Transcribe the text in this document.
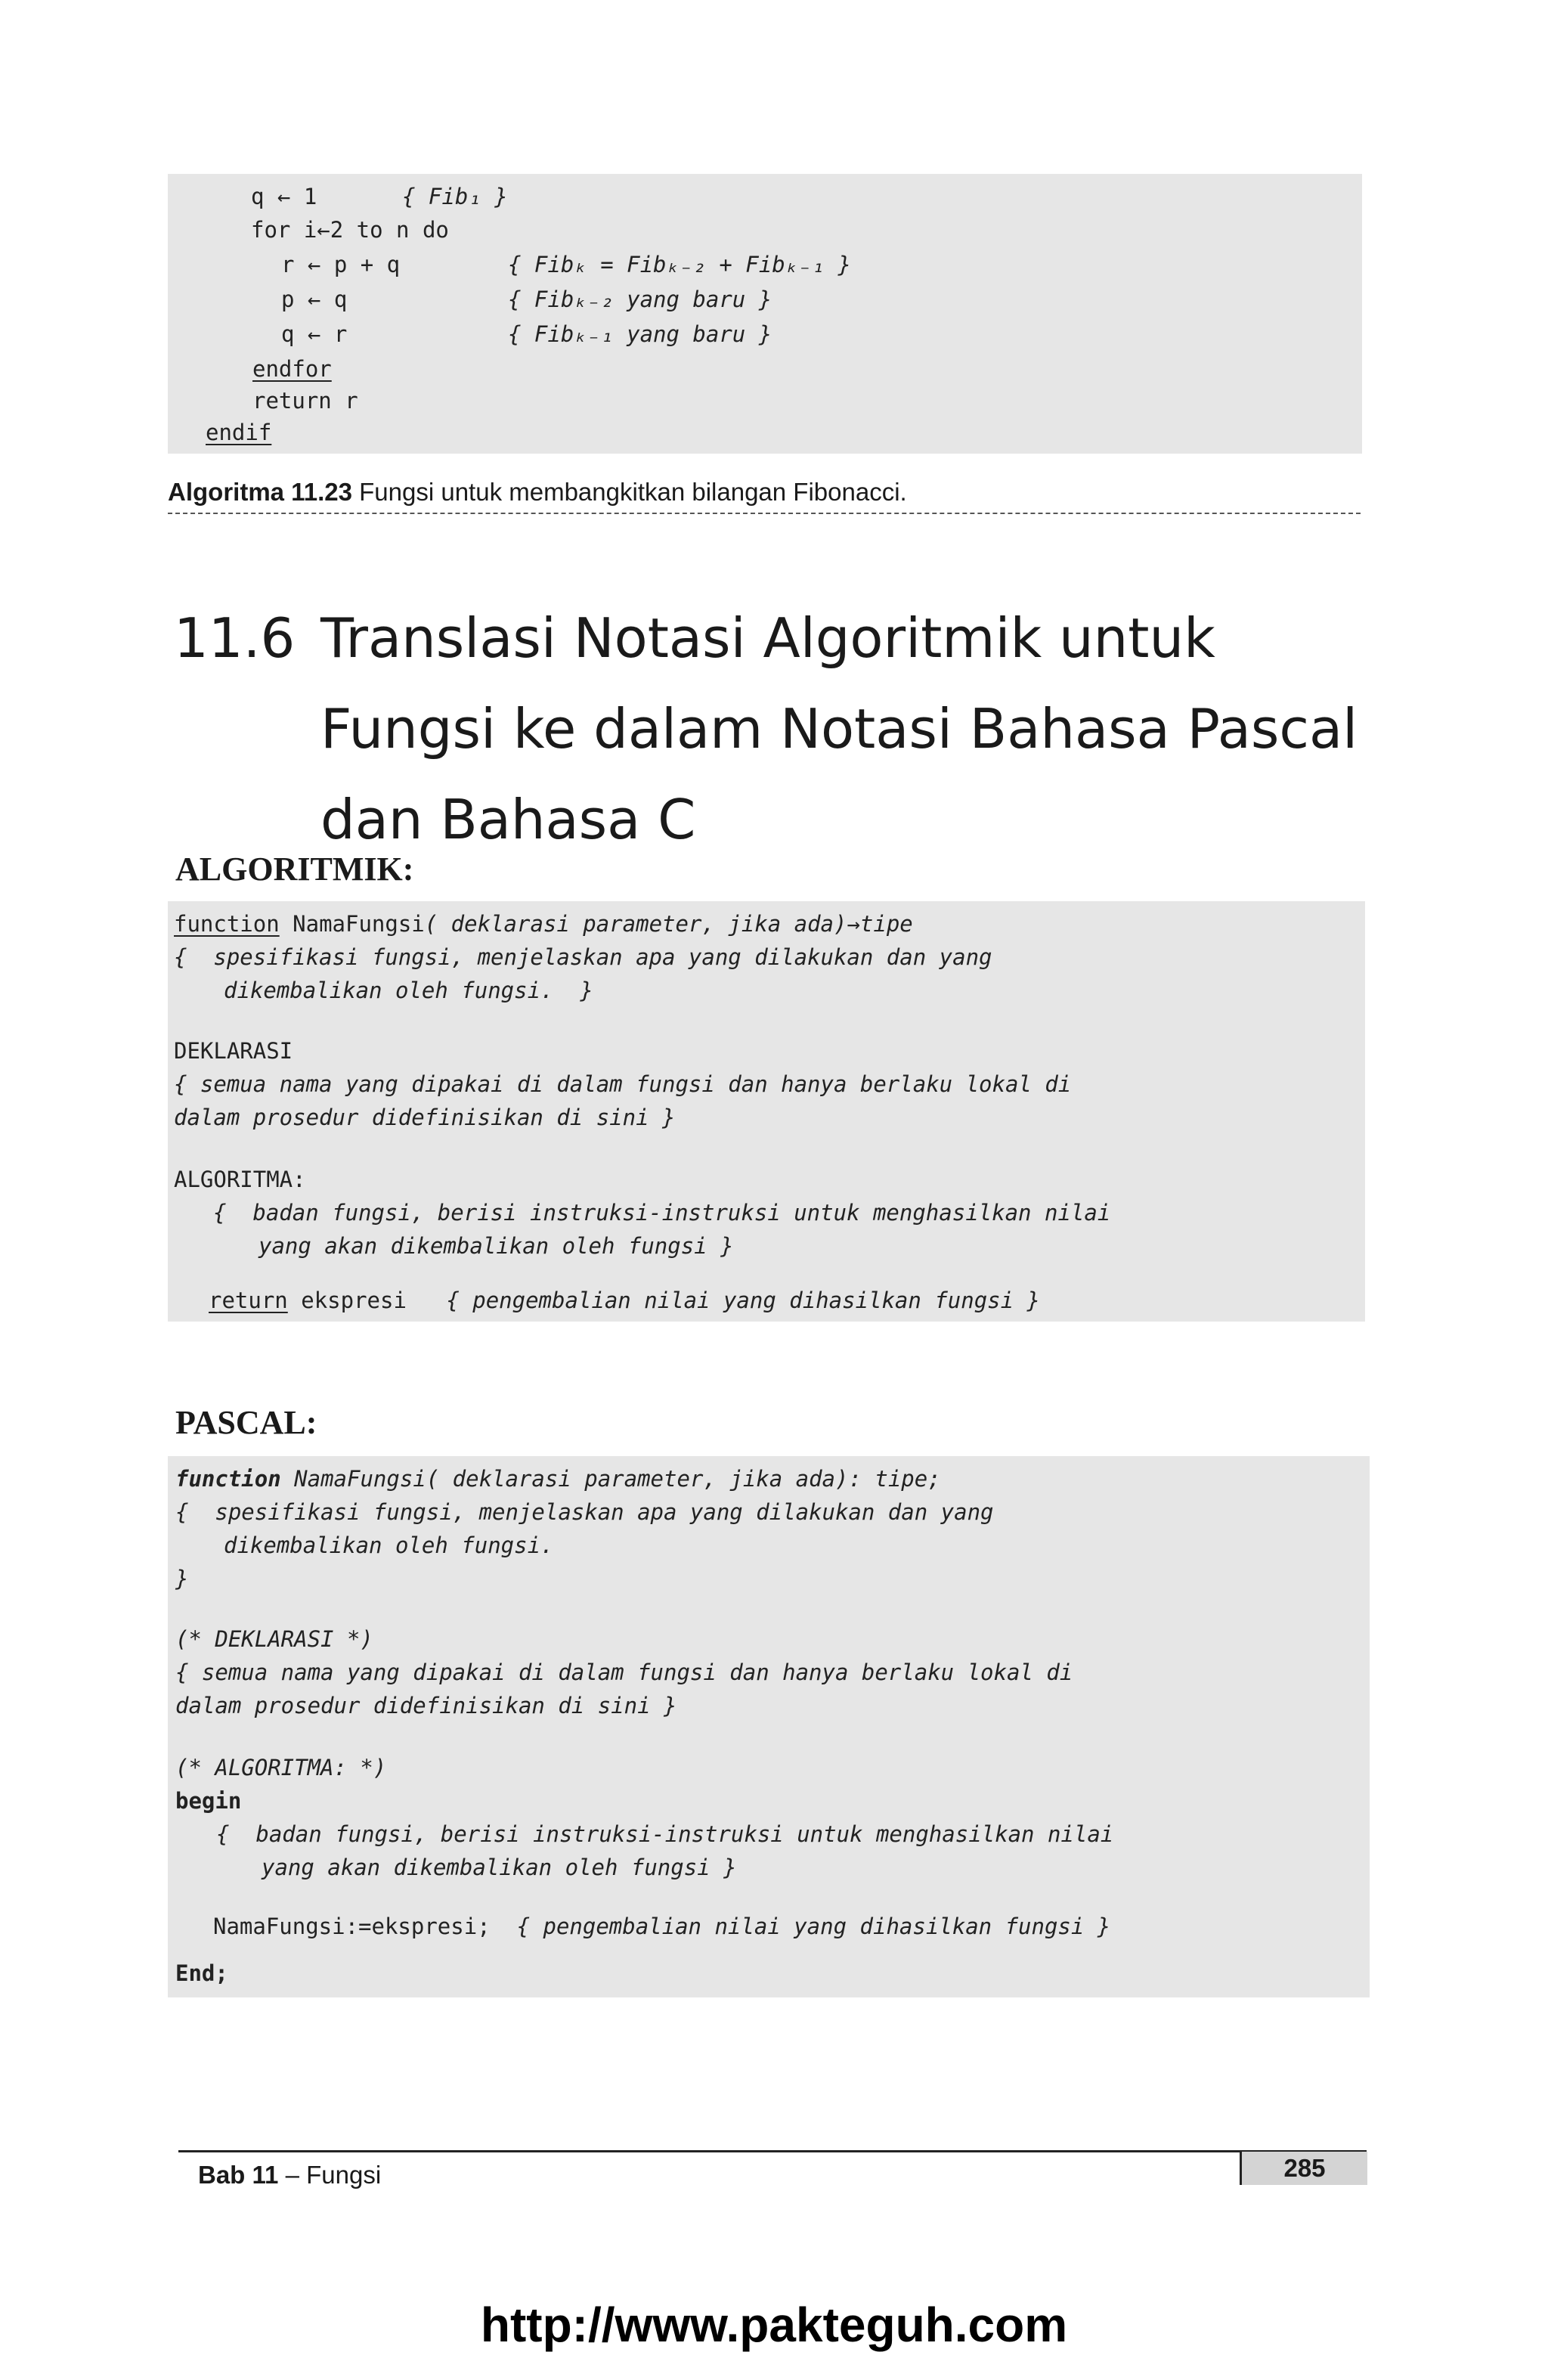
q ← 1	{ Fib₁ }
for i←2 to n do
r ← p + q	{ Fibₖ = Fibₖ₋₂ + Fibₖ₋₁ }
p ← q	{ Fibₖ₋₂ yang baru }
q ← r	{ Fibₖ₋₁ yang baru }
endfor
return r
endif
Algoritma 11.23 Fungsi untuk membangkitkan bilangan Fibonacci.
11.6 Translasi Notasi Algoritmik untuk Fungsi ke dalam Notasi Bahasa Pascal dan Bahasa C
ALGORITMIK:
function NamaFungsi( deklarasi parameter, jika ada)→tipe
{  spesifikasi fungsi, menjelaskan apa yang dilakukan dan yang
dikembalikan oleh fungsi.  }
DEKLARASI
{ semua nama yang dipakai di dalam fungsi dan hanya berlaku lokal di
dalam prosedur didefinisikan di sini }
ALGORITMA:
{  badan fungsi, berisi instruksi-instruksi untuk menghasilkan nilai
yang akan dikembalikan oleh fungsi }
return ekspresi { pengembalian nilai yang dihasilkan fungsi }
PASCAL:
function NamaFungsi( deklarasi parameter, jika ada): tipe;
{  spesifikasi fungsi, menjelaskan apa yang dilakukan dan yang
dikembalikan oleh fungsi.
}
(* DEKLARASI *)
{ semua nama yang dipakai di dalam fungsi dan hanya berlaku lokal di
dalam prosedur didefinisikan di sini }
(* ALGORITMA: *)
begin
{  badan fungsi, berisi instruksi-instruksi untuk menghasilkan nilai
yang akan dikembalikan oleh fungsi }
NamaFungsi:=ekspresi; { pengembalian nilai yang dihasilkan fungsi }
End;
Bab 11 – Fungsi	285
http://www.pakteguh.com
